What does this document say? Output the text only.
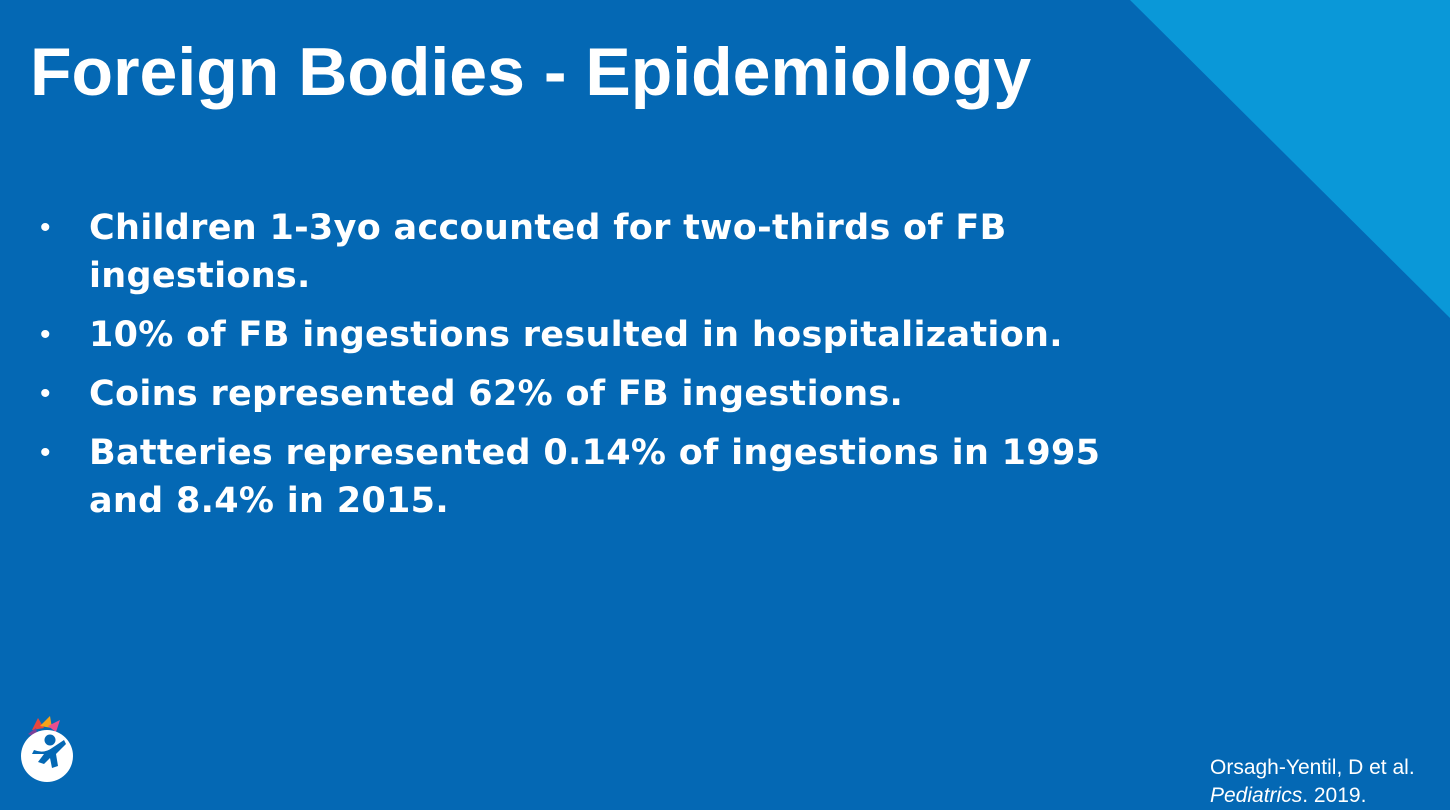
Foreign Bodies - Epidemiology
• Children 1-3yo accounted for two-thirds of FB ingestions.
• 10% of FB ingestions resulted in hospitalization.
• Coins represented 62% of FB ingestions.
• Batteries represented 0.14% of ingestions in 1995 and 8.4% in 2015.
Orsagh-Yentil, D et al.
Pediatrics. 2019.
